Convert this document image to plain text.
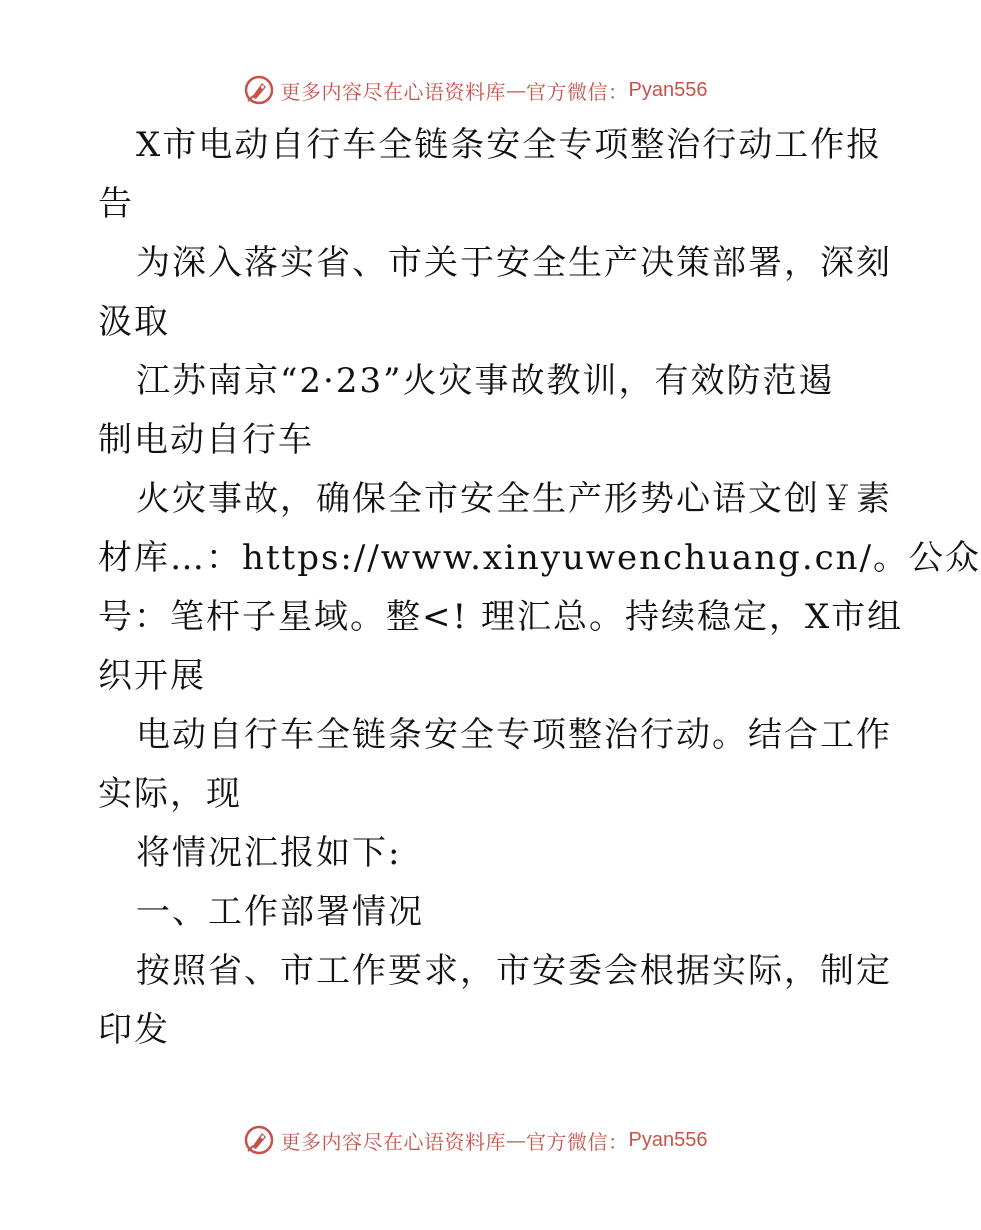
更多内容尽在心语资料库 — 官方微信： Pyan556
X市电动自行车全链条安全专项整治行动工作报
告
为深入落实省、市关于安全生产决策部署，深刻
汲取
江苏南京“2·23”火灾事故教训，有效防范遏
制电动自行车
火灾事故，确保全市安全生产形势心语文创￥素
材库…：https://www.xinyuwenchuang.cn/。公众
号：笔杆子星域。整<! 理汇总。持续稳定，X市组
织开展
电动自行车全链条安全专项整治行动。结合工作
实际，现
将情况汇报如下:
一、工作部署情况
按照省、市工作要求，市安委会根据实际，制定
印发
更多内容尽在心语资料库 — 官方微信： Pyan556
